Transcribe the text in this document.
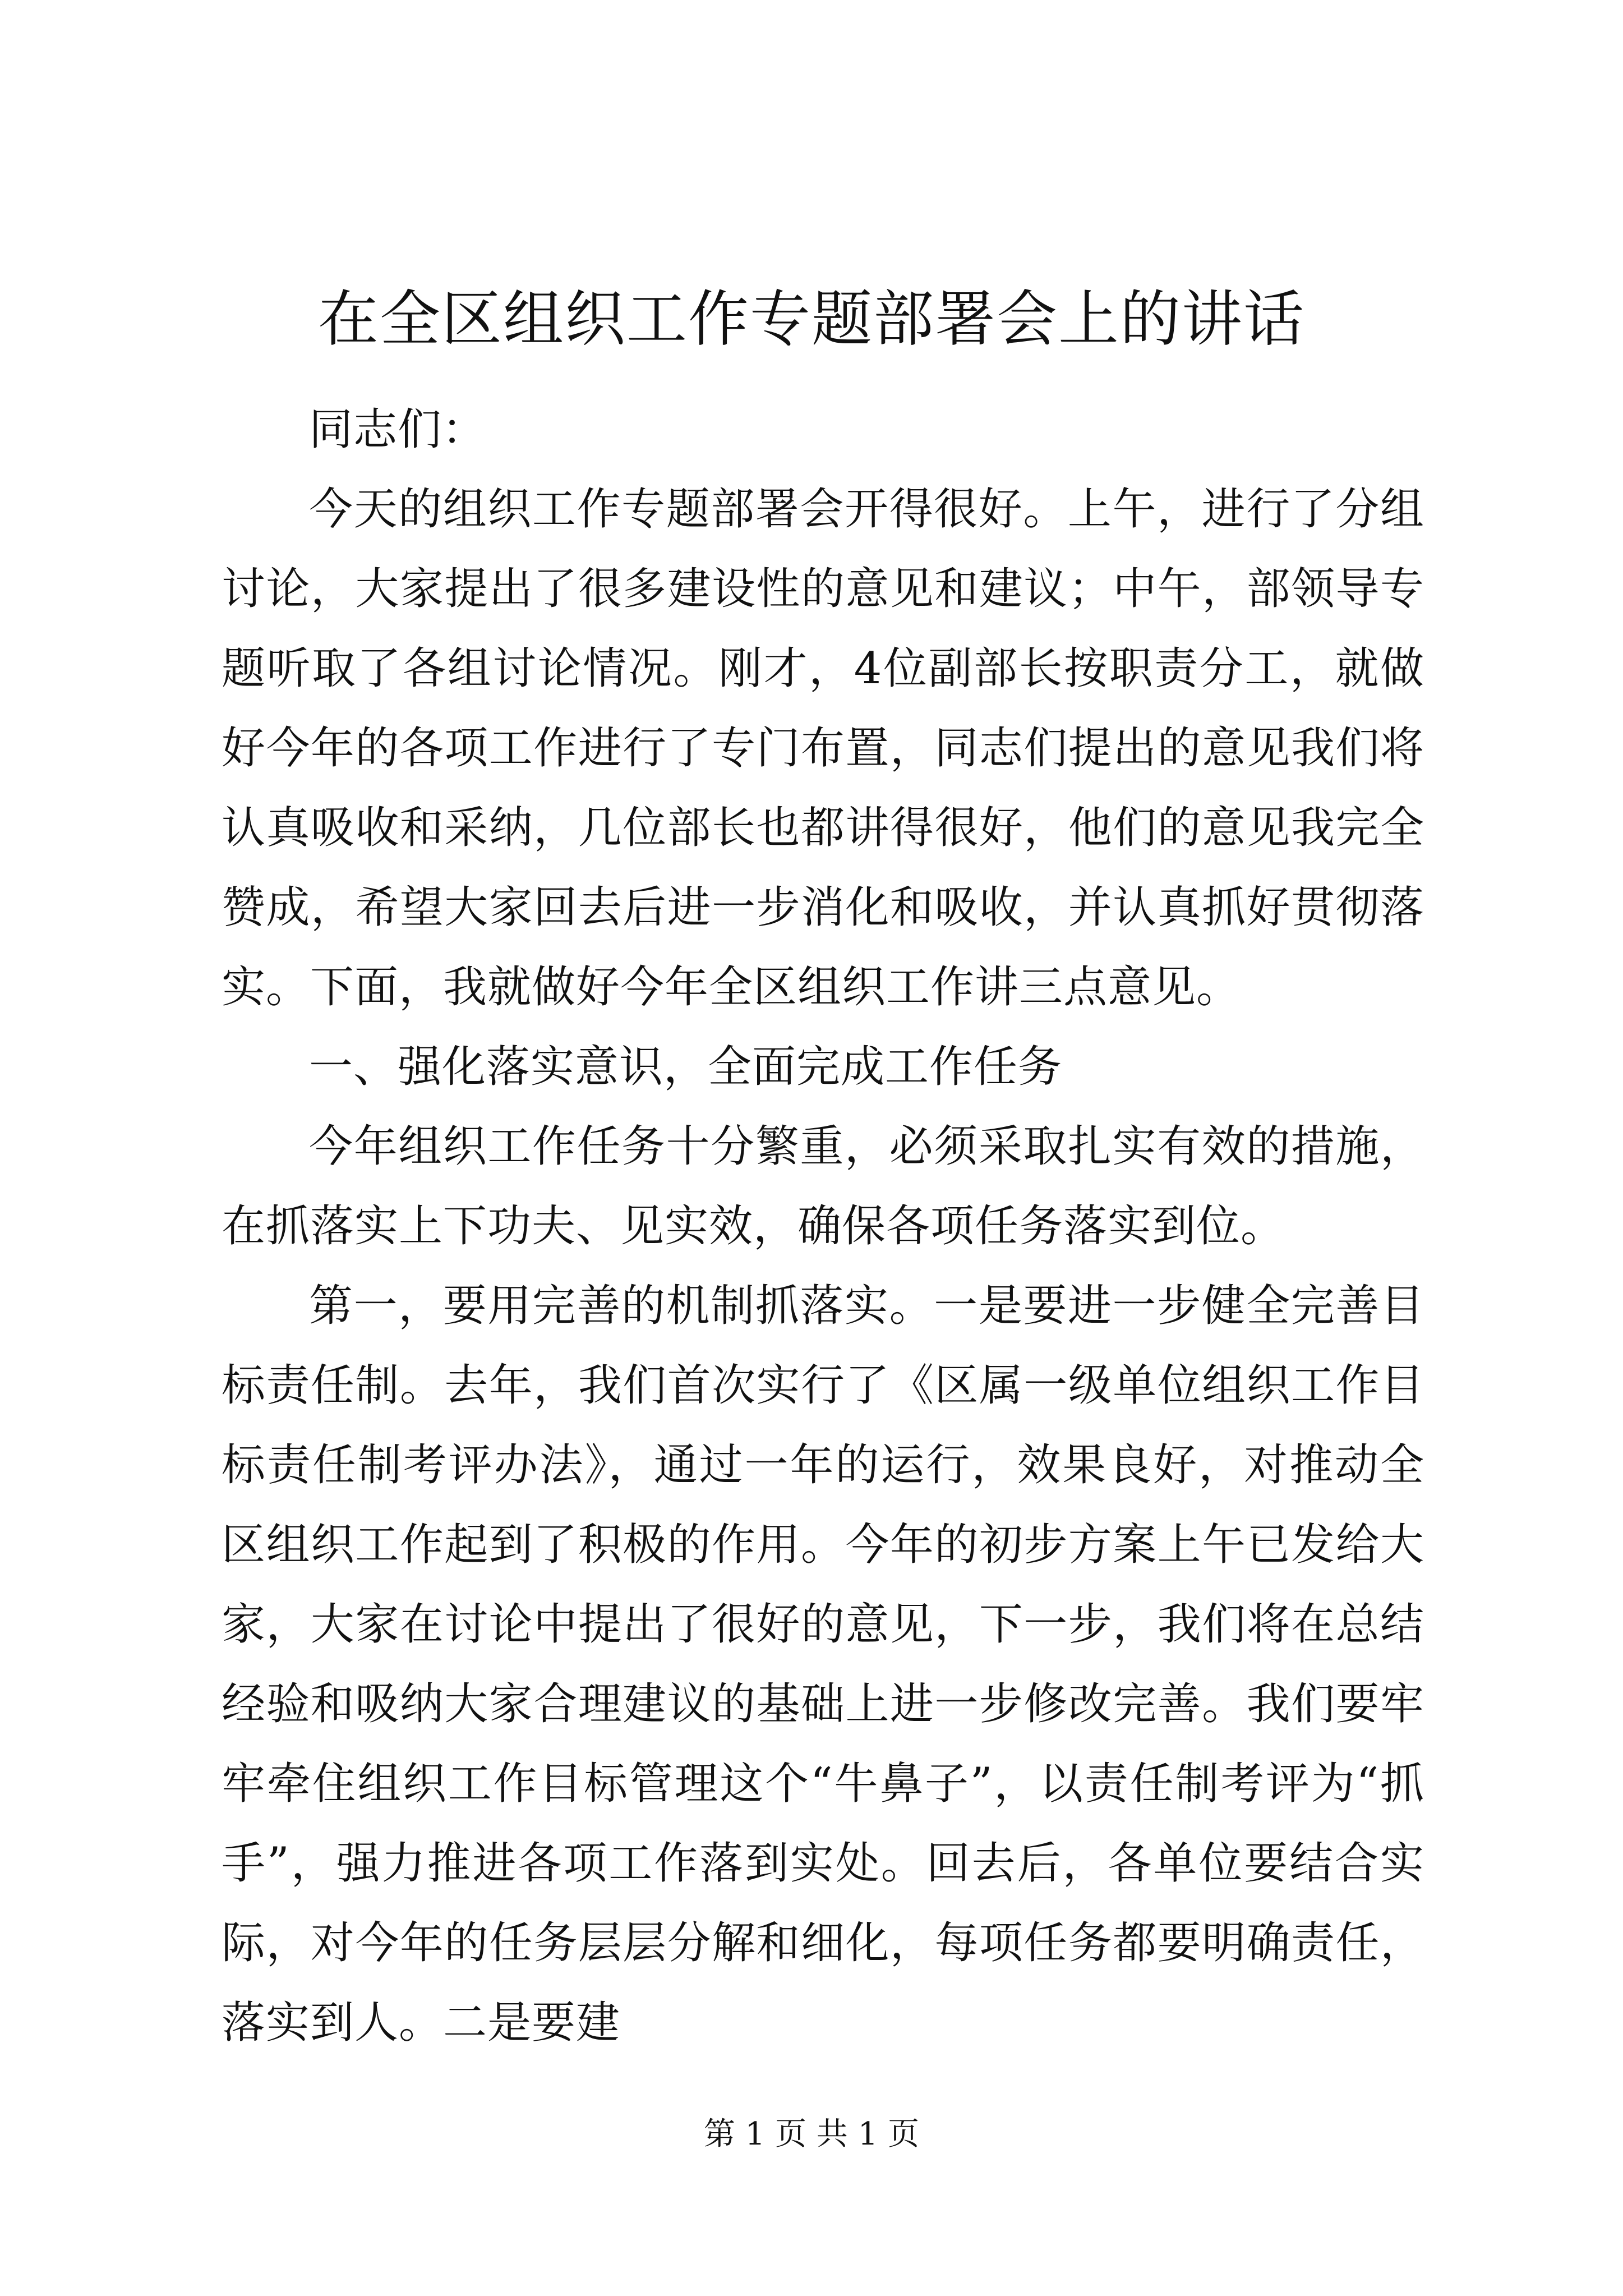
在全区组织工作专题部署会上的讲话

同志们：

今天的组织工作专题部署会开得很好。上午，进行了分组讨论，大家提出了很多建设性的意见和建议；中午，部领导专题听取了各组讨论情况。刚才，4位副部长按职责分工，就做好今年的各项工作进行了专门布置，同志们提出的意见我们将认真吸收和采纳，几位部长也都讲得很好，他们的意见我完全赞成，希望大家回去后进一步消化和吸收，并认真抓好贯彻落实。下面，我就做好今年全区组织工作讲三点意见。

一、强化落实意识，全面完成工作任务

今年组织工作任务十分繁重，必须采取扎实有效的措施，在抓落实上下功夫、见实效，确保各项任务落实到位。

第一，要用完善的机制抓落实。一是要进一步健全完善目标责任制。去年，我们首次实行了《区属一级单位组织工作目标责任制考评办法》，通过一年的运行，效果良好，对推动全区组织工作起到了积极的作用。今年的初步方案上午已发给大家，大家在讨论中提出了很好的意见，下一步，我们将在总结经验和吸纳大家合理建议的基础上进一步修改完善。我们要牢牢牵住组织工作目标管理这个“牛鼻子”，以责任制考评为“抓手”，强力推进各项工作落到实处。回去后，各单位要结合实际，对今年的任务层层分解和细化，每项任务都要明确责任，落实到人。二是要建

第 1 页 共 1 页
